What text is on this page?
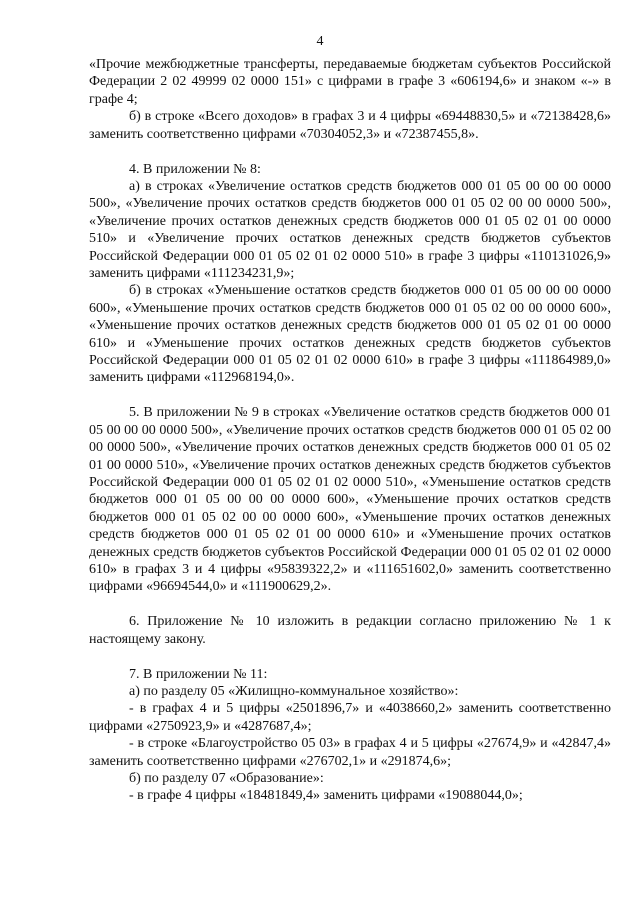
4

«Прочие межбюджетные трансферты, передаваемые бюджетам субъектов Российской Федерации 2 02 49999 02 0000 151» с цифрами в графе 3 «606194,6» и знаком «-» в графе 4;

б) в строке «Всего доходов» в графах 3 и 4 цифры «69448830,5» и «72138428,6» заменить соответственно цифрами «70304052,3» и «72387455,8».

4. В приложении № 8:

а) в строках «Увеличение остатков средств бюджетов 000 01 05 00 00 00 0000 500», «Увеличение прочих остатков средств бюджетов 000 01 05 02 00 00 0000 500», «Увеличение прочих остатков денежных средств бюджетов 000 01 05 02 01 00 0000 510» и «Увеличение прочих остатков денежных средств бюджетов субъектов Российской Федерации 000 01 05 02 01 02 0000 510» в графе 3 цифры «110131026,9» заменить цифрами «111234231,9»;

б) в строках «Уменьшение остатков средств бюджетов 000 01 05 00 00 00 0000 600», «Уменьшение прочих остатков средств бюджетов 000 01 05 02 00 00 0000 600», «Уменьшение прочих остатков денежных средств бюджетов 000 01 05 02 01 00 0000 610» и «Уменьшение прочих остатков денежных средств бюджетов субъектов Российской Федерации 000 01 05 02 01 02 0000 610» в графе 3 цифры «111864989,0» заменить цифрами «112968194,0».

5. В приложении № 9 в строках «Увеличение остатков средств бюджетов 000 01 05 00 00 00 0000 500», «Увеличение прочих остатков средств бюджетов 000 01 05 02 00 00 0000 500», «Увеличение прочих остатков денежных средств бюджетов 000 01 05 02 01 00 0000 510», «Увеличение прочих остатков денежных средств бюджетов субъектов Российской Федерации 000 01 05 02 01 02 0000 510», «Уменьшение остатков средств бюджетов 000 01 05 00 00 00 0000 600», «Уменьшение прочих остатков средств бюджетов 000 01 05 02 00 00 0000 600», «Уменьшение прочих остатков денежных средств бюджетов 000 01 05 02 01 00 0000 610» и «Уменьшение прочих остатков денежных средств бюджетов субъектов Российской Федерации 000 01 05 02 01 02 0000 610» в графах 3 и 4 цифры «95839322,2» и «111651602,0» заменить соответственно цифрами «96694544,0» и «111900629,2».

6. Приложение № 10 изложить в редакции согласно приложению № 1 к настоящему закону.

7. В приложении № 11:

а) по разделу 05 «Жилищно-коммунальное хозяйство»:

- в графах 4 и 5 цифры «2501896,7» и «4038660,2» заменить соответственно цифрами «2750923,9» и «4287687,4»;

- в строке «Благоустройство 05 03» в графах 4 и 5 цифры «27674,9» и «42847,4» заменить соответственно цифрами «276702,1» и «291874,6»;

б) по разделу 07 «Образование»:

- в графе 4 цифры «18481849,4» заменить цифрами «19088044,0»;
